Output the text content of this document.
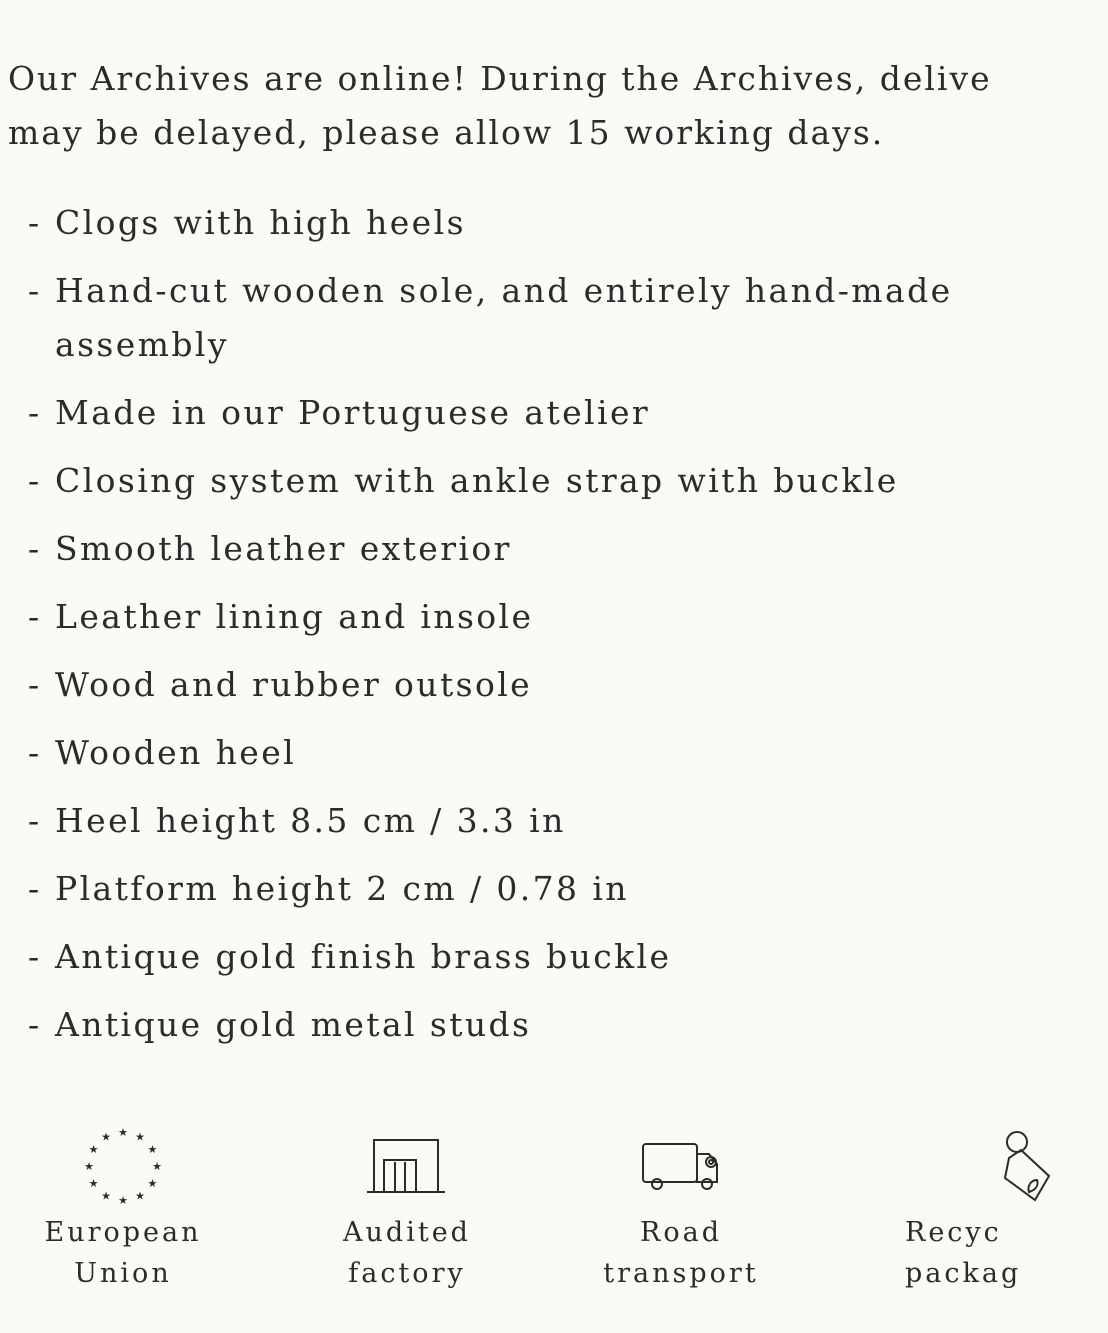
Our Archives are online! During the Archives, delive
may be delayed, please allow 15 working days.
- Clogs with high heels
- Hand-cut wooden sole, and entirely hand-made assembly
- Made in our Portuguese atelier
- Closing system with ankle strap with buckle
- Smooth leather exterior
- Leather lining and insole
- Wood and rubber outsole
- Wooden heel
- Heel height 8.5 cm / 3.3 in
- Platform height 2 cm / 0.78 in
- Antique gold finish brass buckle
- Antique gold metal studs
★ ★
★
★
★
★
★
★
★
★
★
★
European
Union
Audited
factory
Road
transport
Recyc
packag
